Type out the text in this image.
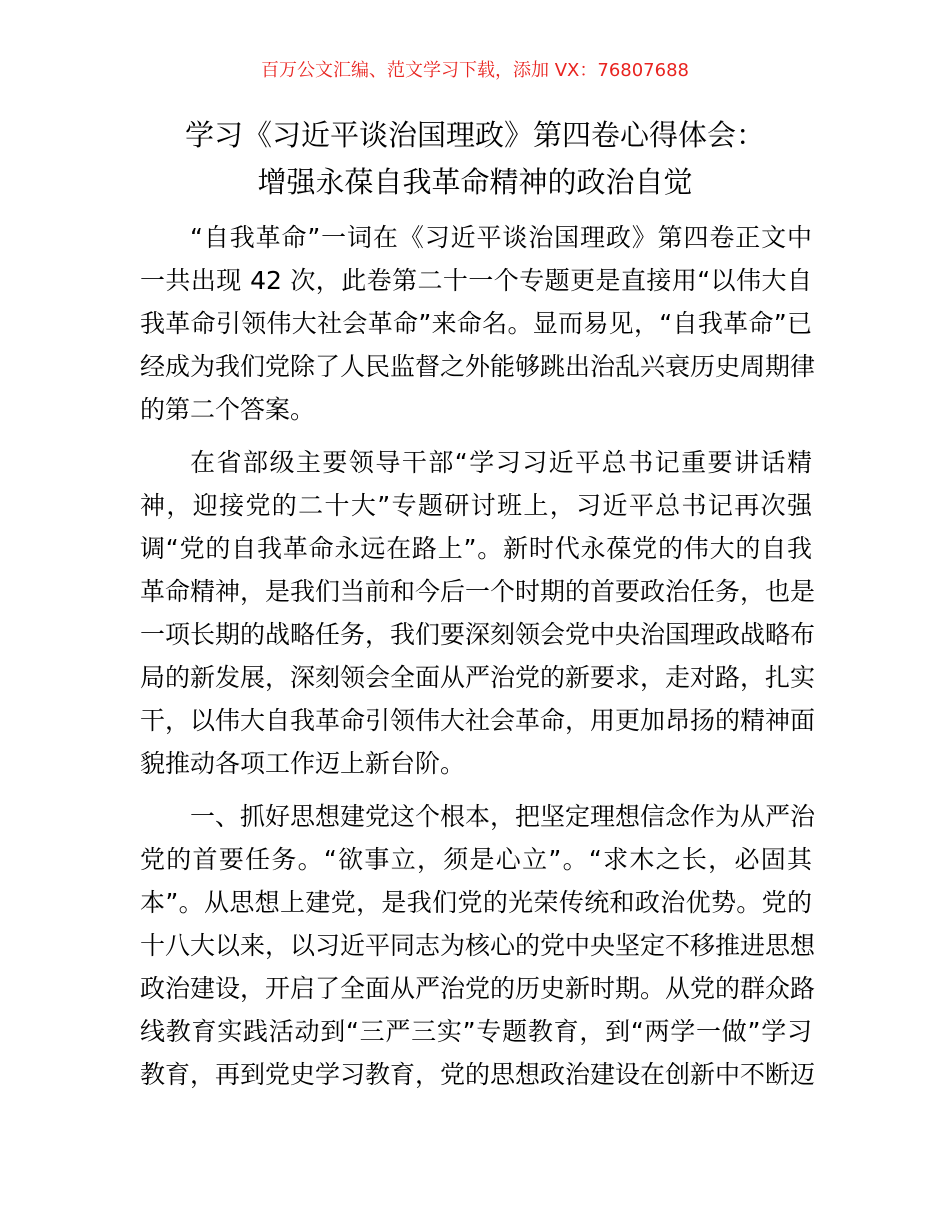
百万公文汇编、范文学习下载，添加 VX：76807688
学习《习近平谈治国理政》第四卷心得体会：
增强永葆自我革命精神的政治自觉
“自我革命”一词在《习近平谈治国理政》第四卷正文中
一共出现 42 次，此卷第二十一个专题更是直接用“以伟大自
我革命引领伟大社会革命”来命名。显而易见，“自我革命”已
经成为我们党除了人民监督之外能够跳出治乱兴衰历史周期律
的第二个答案。
在省部级主要领导干部“学习习近平总书记重要讲话精
神，迎接党的二十大”专题研讨班上，习近平总书记再次强
调“党的自我革命永远在路上”。新时代永葆党的伟大的自我
革命精神，是我们当前和今后一个时期的首要政治任务，也是
一项长期的战略任务，我们要深刻领会党中央治国理政战略布
局的新发展，深刻领会全面从严治党的新要求，走对路，扎实
干，以伟大自我革命引领伟大社会革命，用更加昂扬的精神面
貌推动各项工作迈上新台阶。
一、抓好思想建党这个根本，把坚定理想信念作为从严治
党的首要任务。“欲事立，须是心立”。“求木之长，必固其
本”。从思想上建党，是我们党的光荣传统和政治优势。党的
十八大以来，以习近平同志为核心的党中央坚定不移推进思想
政治建设，开启了全面从严治党的历史新时期。从党的群众路
线教育实践活动到“三严三实”专题教育，到“两学一做”学习
教育，再到党史学习教育，党的思想政治建设在创新中不断迈
